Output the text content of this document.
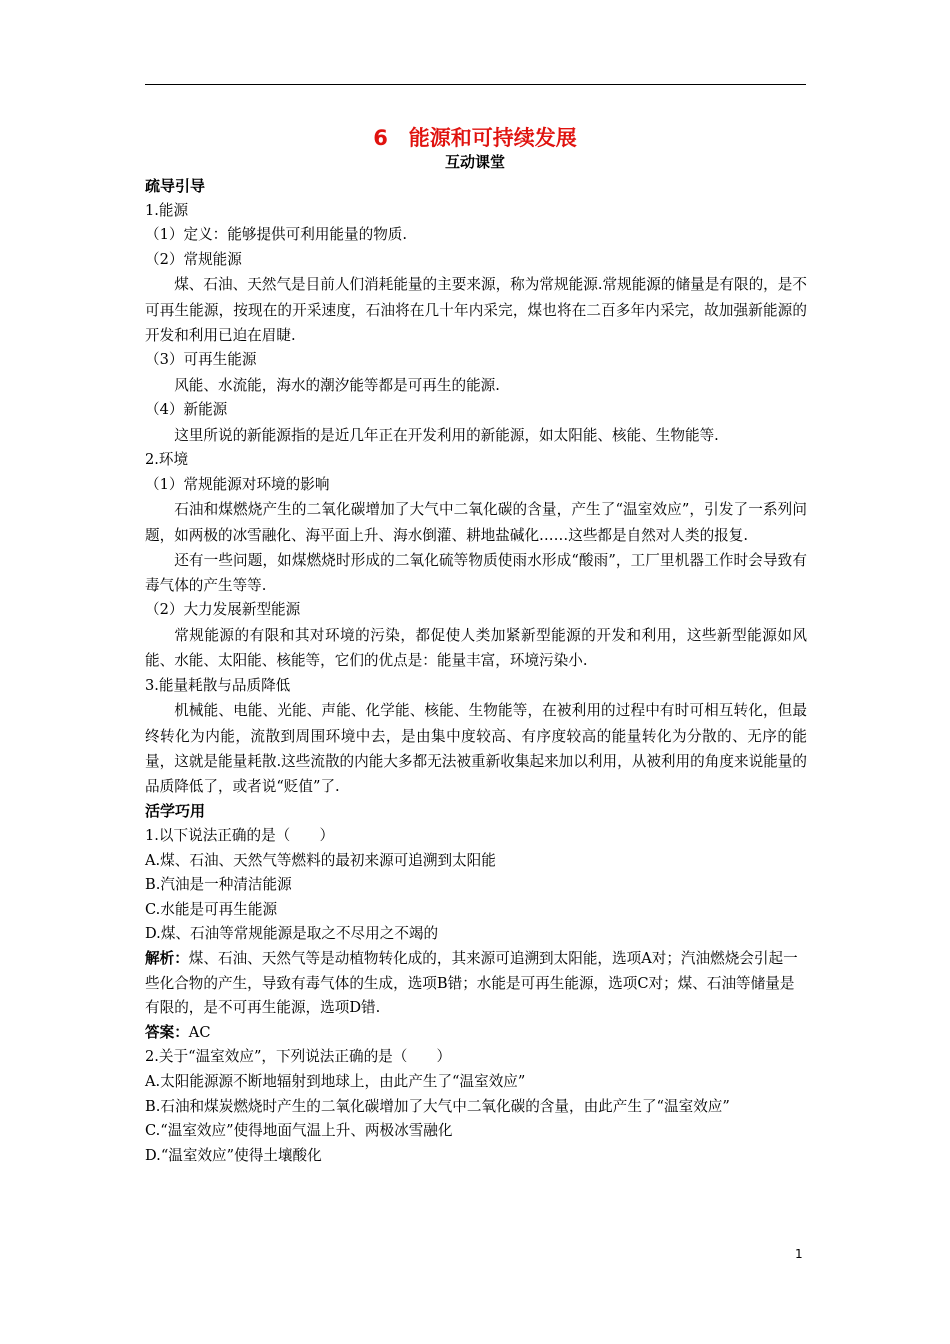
6　能源和可持续发展
互动课堂
疏导引导
1.能源
（1）定义：能够提供可利用能量的物质.
（2）常规能源
煤、石油、天然气是目前人们消耗能量的主要来源，称为常规能源.常规能源的储量是有限的，是不可再生能源，按现在的开采速度，石油将在几十年内采完，煤也将在二百多年内采完，故加强新能源的开发和利用已迫在眉睫.
（3）可再生能源
风能、水流能，海水的潮汐能等都是可再生的能源.
（4）新能源
这里所说的新能源指的是近几年正在开发利用的新能源，如太阳能、核能、生物能等.
2.环境
（1）常规能源对环境的影响
石油和煤燃烧产生的二氧化碳增加了大气中二氧化碳的含量，产生了“温室效应”，引发了一系列问题，如两极的冰雪融化、海平面上升、海水倒灌、耕地盐碱化……这些都是自然对人类的报复.
还有一些问题，如煤燃烧时形成的二氧化硫等物质使雨水形成“酸雨”，工厂里机器工作时会导致有毒气体的产生等等.
（2）大力发展新型能源
常规能源的有限和其对环境的污染，都促使人类加紧新型能源的开发和利用，这些新型能源如风能、水能、太阳能、核能等，它们的优点是：能量丰富，环境污染小.
3.能量耗散与品质降低
机械能、电能、光能、声能、化学能、核能、生物能等，在被利用的过程中有时可相互转化，但最终转化为内能，流散到周围环境中去，是由集中度较高、有序度较高的能量转化为分散的、无序的能量，这就是能量耗散.这些流散的内能大多都无法被重新收集起来加以利用，从被利用的角度来说能量的品质降低了，或者说“贬值”了.
活学巧用
1.以下说法正确的是（　　）
A.煤、石油、天然气等燃料的最初来源可追溯到太阳能
B.汽油是一种清洁能源
C.水能是可再生能源
D.煤、石油等常规能源是取之不尽用之不竭的
解析：煤、石油、天然气等是动植物转化成的，其来源可追溯到太阳能，选项A对；汽油燃烧会引起一些化合物的产生，导致有毒气体的生成，选项B错；水能是可再生能源，选项C对；煤、石油等储量是有限的，是不可再生能源，选项D错.
答案：AC
2.关于“温室效应”，下列说法正确的是（　　）
A.太阳能源源不断地辐射到地球上，由此产生了“温室效应”
B.石油和煤炭燃烧时产生的二氧化碳增加了大气中二氧化碳的含量，由此产生了“温室效应”
C.“温室效应”使得地面气温上升、两极冰雪融化
D.“温室效应”使得土壤酸化
1
